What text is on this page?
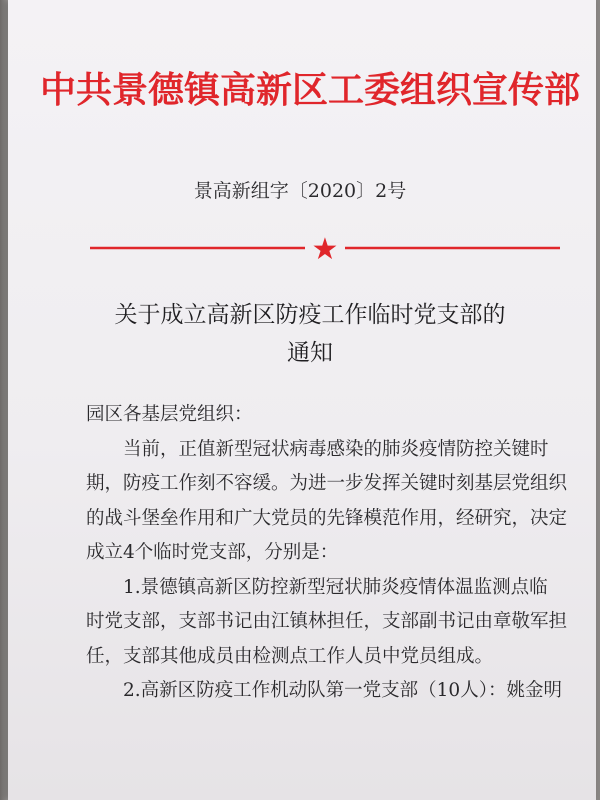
中共景德镇高新区工委组织宣传部
景高新组字〔2020〕2号
★
关于成立高新区防疫工作临时党支部的
通知

园区各基层党组织：

当前，正值新型冠状病毒感染的肺炎疫情防控关键时
期，防疫工作刻不容缓。为进一步发挥关键时刻基层党组织
的战斗堡垒作用和广大党员的先锋模范作用，经研究，决定
成立4个临时党支部，分别是：

1.景德镇高新区防控新型冠状肺炎疫情体温监测点临
时党支部，支部书记由江镇林担任，支部副书记由章敬军担
任，支部其他成员由检测点工作人员中党员组成。

2.高新区防疫工作机动队第一党支部（10人）：姚金明
